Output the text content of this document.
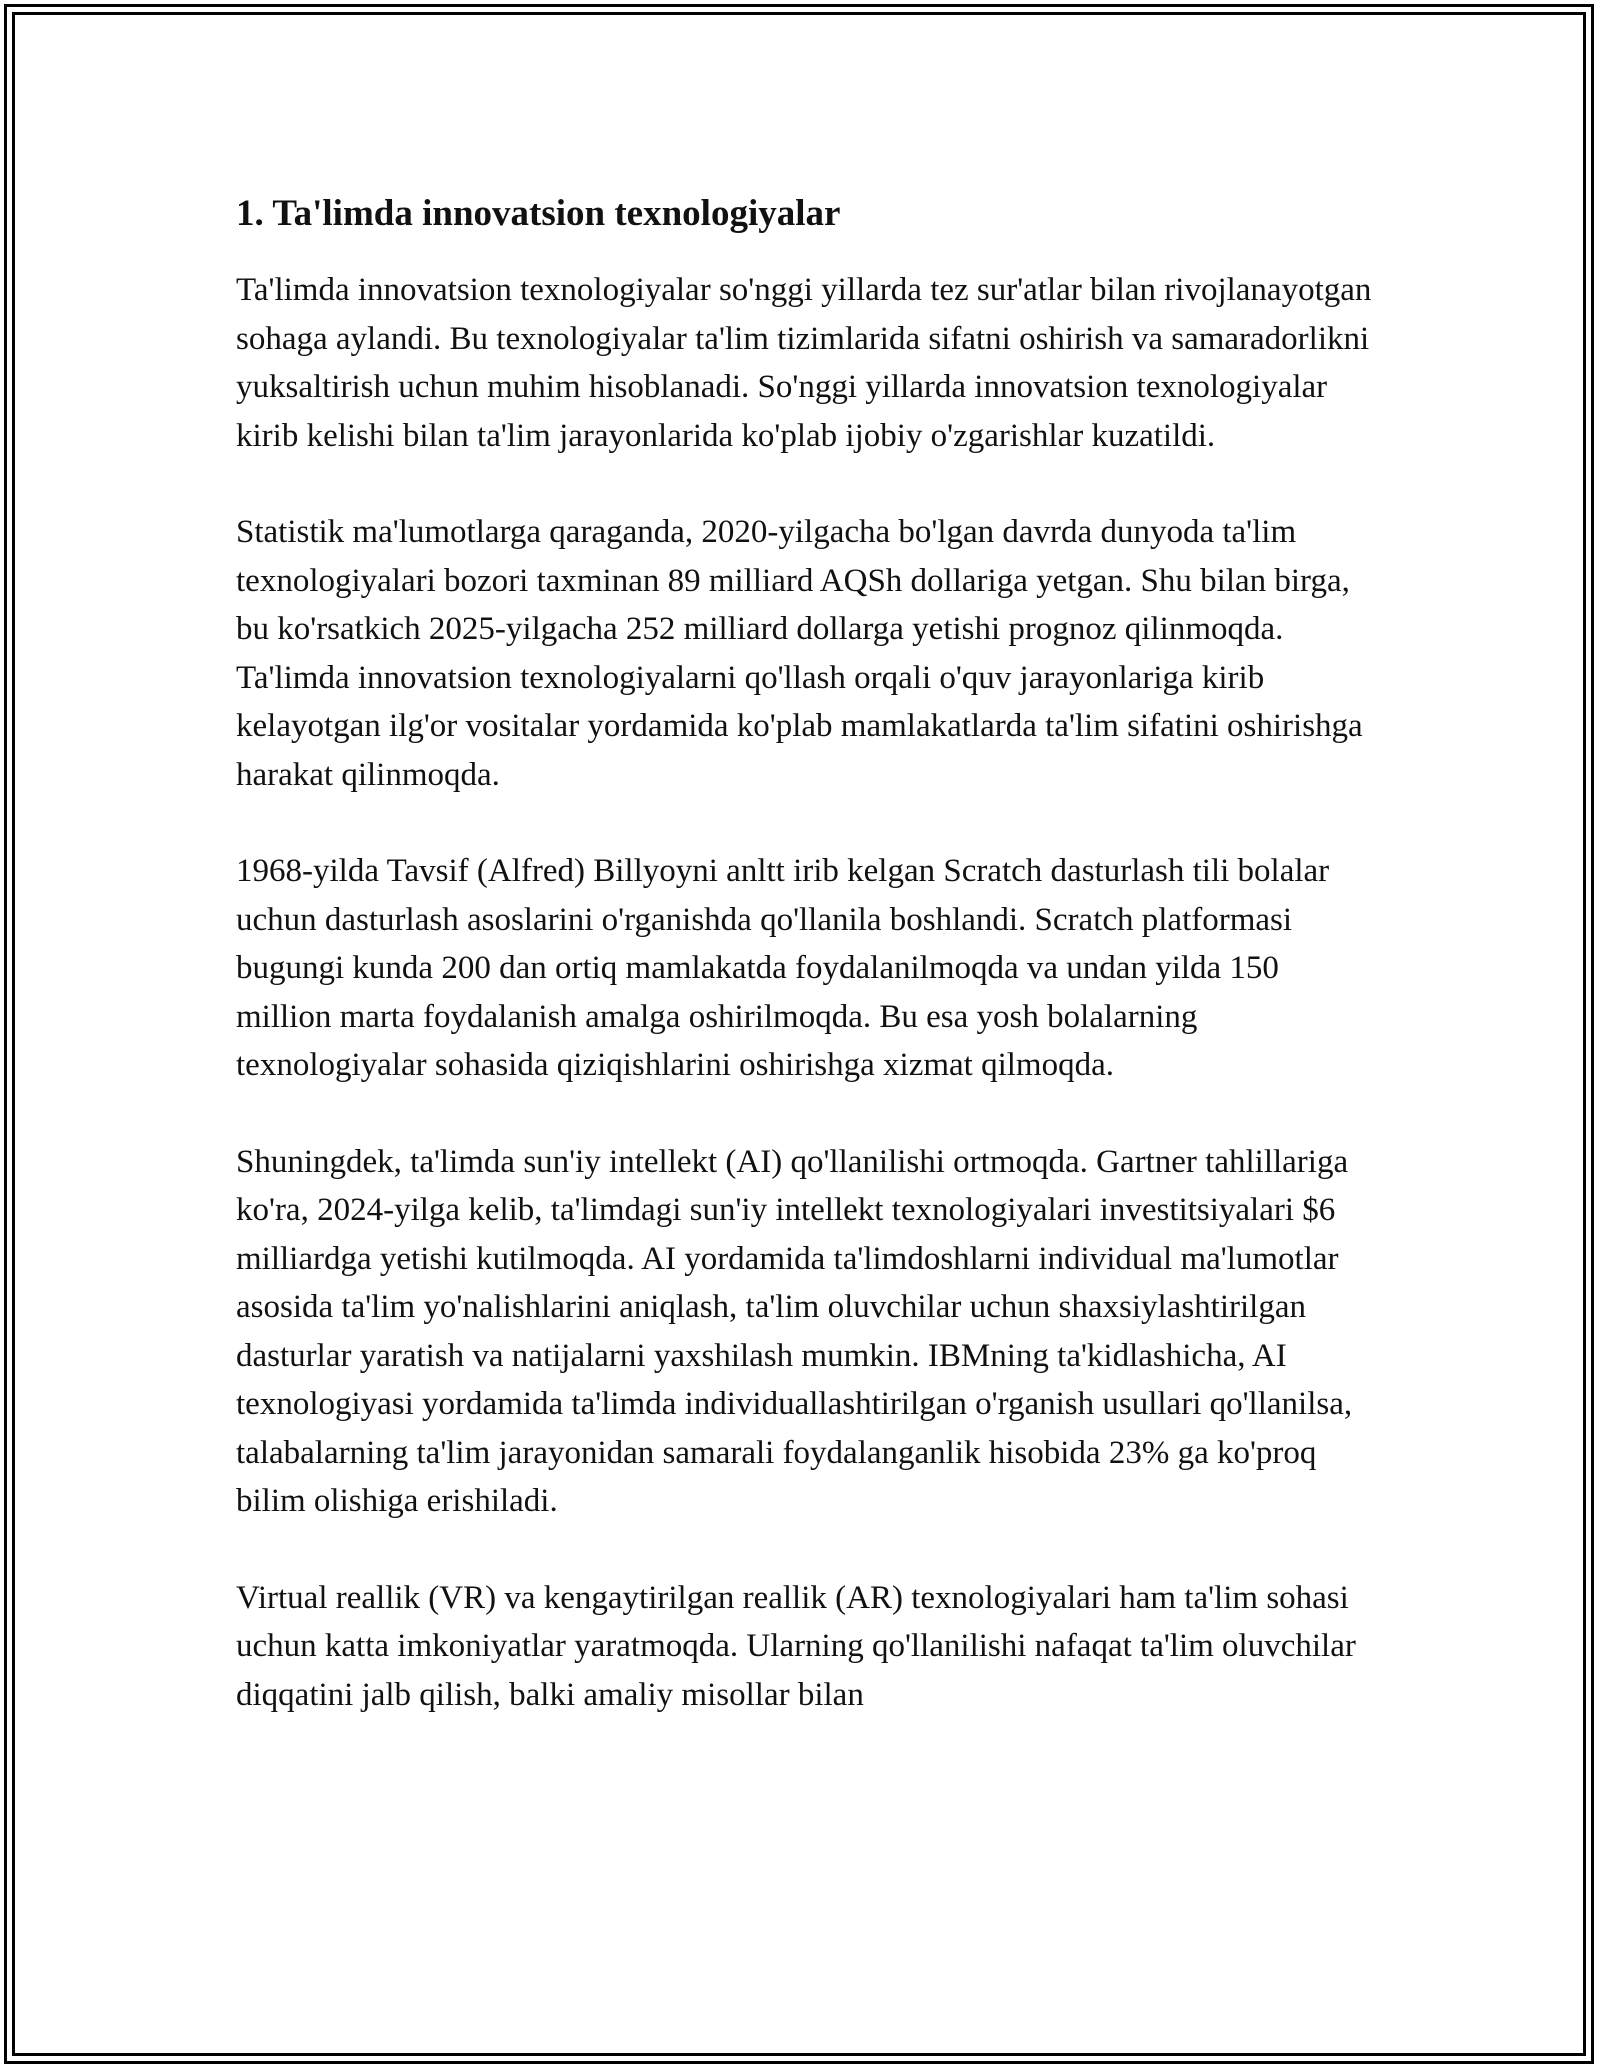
1. Ta'limda innovatsion texnologiyalar

Ta'limda innovatsion texnologiyalar so'nggi yillarda tez sur'atlar bilan rivojlanayotgan sohaga aylandi. Bu texnologiyalar ta'lim tizimlarida sifatni oshirish va samaradorlikni yuksaltirish uchun muhim hisoblanadi. So'nggi yillarda innovatsion texnologiyalar kirib kelishi bilan ta'lim jarayonlarida ko'plab ijobiy o'zgarishlar kuzatildi.

Statistik ma'lumotlarga qaraganda, 2020-yilgacha bo'lgan davrda dunyoda ta'lim texnologiyalari bozori taxminan 89 milliard AQSh dollariga yetgan. Shu bilan birga, bu ko'rsatkich 2025-yilgacha 252 milliard dollarga yetishi prognoz qilinmoqda. Ta'limda innovatsion texnologiyalarni qo'llash orqali o'quv jarayonlariga kirib kelayotgan ilg'or vositalar yordamida ko'plab mamlakatlarda ta'lim sifatini oshirishga harakat qilinmoqda.

1968-yilda Tavsif (Alfred) Billyoyni anltt irib kelgan Scratch dasturlash tili bolalar uchun dasturlash asoslarini o'rganishda qo'llanila boshlandi. Scratch platformasi bugungi kunda 200 dan ortiq mamlakatda foydalanilmoqda va undan yilda 150 million marta foydalanish amalga oshirilmoqda. Bu esa yosh bolalarning texnologiyalar sohasida qiziqishlarini oshirishga xizmat qilmoqda.

Shuningdek, ta'limda sun'iy intellekt (AI) qo'llanilishi ortmoqda. Gartner tahlillariga ko'ra, 2024-yilga kelib, ta'limdagi sun'iy intellekt texnologiyalari investitsiyalari $6 milliardga yetishi kutilmoqda. AI yordamida ta'limdoshlarni individual ma'lumotlar asosida ta'lim yo'nalishlarini aniqlash, ta'lim oluvchilar uchun shaxsiylashtirilgan dasturlar yaratish va natijalarni yaxshilash mumkin. IBMning ta'kidlashicha, AI texnologiyasi yordamida ta'limda individuallashtirilgan o'rganish usullari qo'llanilsa, talabalarning ta'lim jarayonidan samarali foydalanganlik hisobida 23% ga ko'proq bilim olishiga erishiladi.

Virtual reallik (VR) va kengaytirilgan reallik (AR) texnologiyalari ham ta'lim sohasi uchun katta imkoniyatlar yaratmoqda. Ularning qo'llanilishi nafaqat ta'lim oluvchilar diqqatini jalb qilish, balki amaliy misollar bilan
